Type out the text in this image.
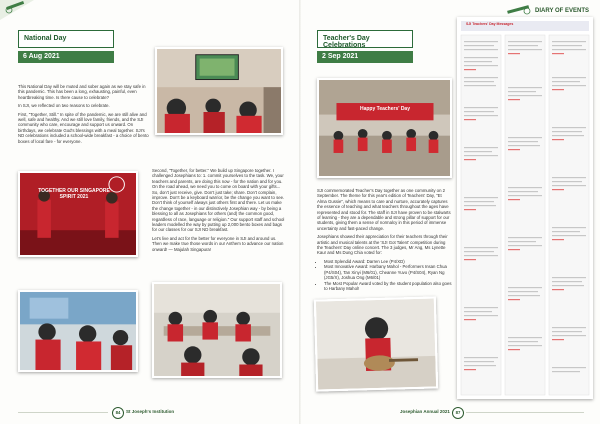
National Day
6 Aug 2021

This National Day will be muted and sober again as we stay safe in this pandemic. This has been a long, exhausting, painful, even heartbreaking time. Is there cause to celebrate?

In SJI, we reflected on two reasons to celebrate.

First, "Together, Still." In spite of the pandemic, we are still alive and well, safe and healthy. And we still love family, friends, and the SJI community who care, encourage and support us onward. On birthdays, we celebrate God's blessings with a meal together. SJI's ND celebrations included a school-wide breakfast - a choice of bento boxes of local fare - for everyone.

TOGETHER OUR SINGAPORE SPIRIT 2021

Second, "Together, for better." We build up Singapore together. I challenged Josephians to: 1. commit yourselves to the task. We, your teachers and parents, are doing this now - for the nation and for you. On the road ahead, we need you to come on board with your gifts... So, don't just receive, give. Don't just take; share. Don't complain, improve. Don't be a keyboard warrior, be the change you want to see. Don't think of yourself always just others first and there. Let us make the change together - in our distinctively Josephian way - by being a blessing to all as Josephians for others (and) the common good, regardless of race, language or religion." Our support staff and school leaders modelled the way by putting up 2,000 bento boxes and bags for our classes for our SJI ND breakfast.

Let's live and act for the better for everyone in SJI and around us. Then we make true those words in our Anthem to advance our nation onward! — Majulah Singapura!

84	St Joseph's Institution
DIARY OF EVENTS
Teacher's Day Celebrations
2 Sep 2021
Happy Teachers' Day

SJI commemorated Teacher's Day together as one community on 2 September. The theme for this year's edition of Teachers' Day, "Et Alma Gussie", which means to care and nurture, accurately captures the essence of teaching and what teachers throughout the ages have represented and stood for. The staff in SJI have proven to be stalwarts of learning - they are a dependable and strong pillar of support for our students, giving them a sense of normalcy in this period of immense uncertainty and fast-paced change.

Josephians showed their appreciation for their teachers through their artistic and musical talents at the 'SJI Got Talent' competition during the Teachers' Day online concert. The 3 judges, Mr Ang, Ms Lynette Kaur and Ms Dung Chia voted for:

• Most Splendid Award: Darren Lee (P4/XD)
• Most Innovative Award: Harbany Mahol - Performers Insan Chua (P4/S04), Tan Xinyi (M6/01), Cheanne Yuvo (P4/S04), Ryan Ng (JG5/X), Joshua Ong (M6/01)
• The Most Popular Award voted by the student population also goes to Harbany Mahol!
SJI Teachers' Day Messages
Josephian Annual 2021	87
